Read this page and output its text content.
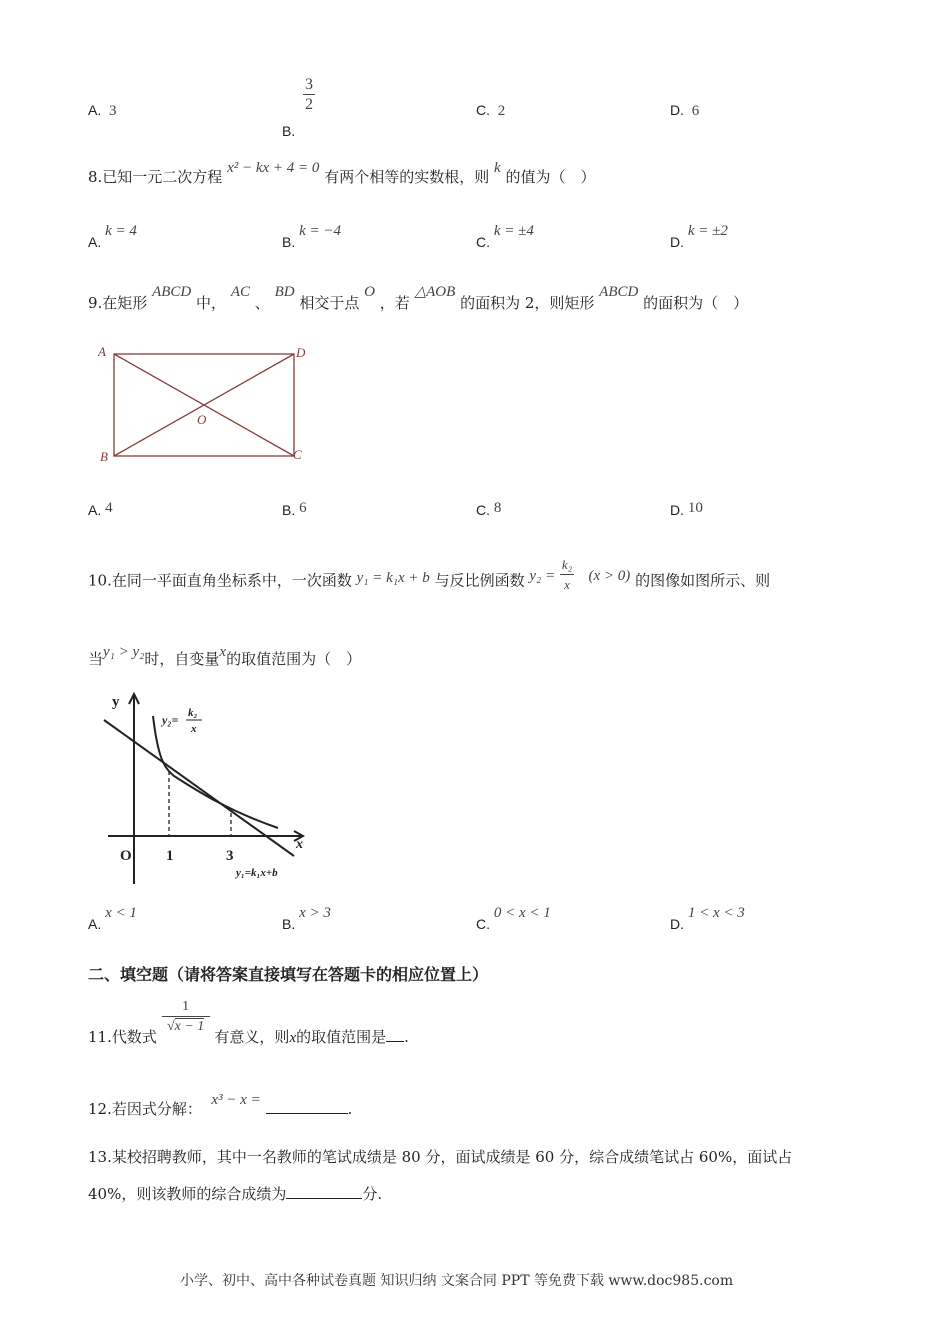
A. 3
B.
$\frac{3}{2}$	C. 2	D. 6
8.已知一元二次方程 x² − kx + 4 = 0 有两个相等的实数根，则 k 的值为（　）
A. k = 4
B. k = −4
C. k = ±4
D. k = ±2
9.在矩形 ABCD 中， AC 、 BD 相交于点 O ，若 △AOB 的面积为 2，则矩形 ABCD 的面积为（　）
A	D
B	C
O
A. 4	B. 6	C. 8	D. 10
10.在同一平面直角坐标系中，一次函数 y₁ = k₁x + b 与反比例函数 $y_2 = \frac{\text{k₂}}{x} (x > 0)$ 的图像如图所示、则
当y₁ > y₂时，自变量x的取值范围为（　）
y
x
O 1	3
y₂= k₂
x
y₁=k₁x+b
A. x < 1
B. x > 3
C. 0 < x < 1
D. 1 < x < 3
二、填空题（请将答案直接填写在答题卡的相应位置上）
11.代数式 $\frac{1}{√x - 1}$ 有意义，则x的取值范围是 .
12.若因式分解： x³ − x =	.
13.某校招聘教师，其中一名教师的笔试成绩是 80 分，面试成绩是 60 分，综合成绩笔试占 60%，面试占
40%，则该教师的综合成绩为	分.
小学、初中、高中各种试卷真题 知识归纳 文案合同 PPT 等免费下载 www.doc985.com
